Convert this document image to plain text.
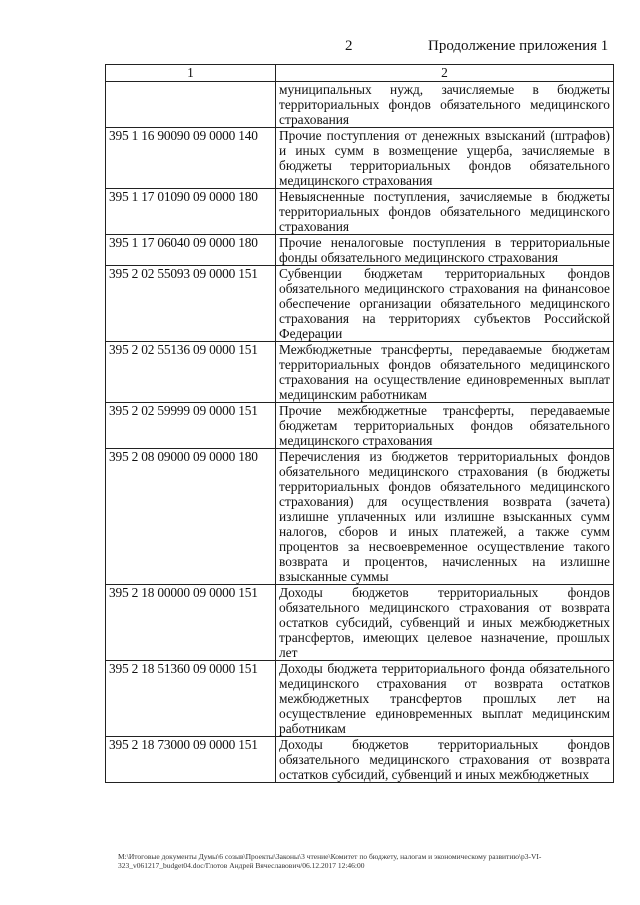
2	Продолжение приложения 1
1	2
	муниципальных нужд, зачисляемые в бюджеты территориальных фондов обязательного медицинского страхования
395 1 16 90090 09 0000 140	Прочие поступления от денежных взысканий (штрафов) и иных сумм в возмещение ущерба, зачисляемые в бюджеты территориальных фондов обязательного медицинского страхования
395 1 17 01090 09 0000 180	Невыясненные поступления, зачисляемые в бюджеты территориальных фондов обязательного медицинского страхования
395 1 17 06040 09 0000 180	Прочие неналоговые поступления в территориальные фонды обязательного медицинского страхования
395 2 02 55093 09 0000 151	Субвенции бюджетам территориальных фондов обязательного медицинского страхования на финансовое обеспечение организации обязательного медицинского страхования на территориях субъектов Российской Федерации
395 2 02 55136 09 0000 151	Межбюджетные трансферты, передаваемые бюджетам территориальных фондов обязательного медицинского страхования на осуществление единовременных выплат медицинским работникам
395 2 02 59999 09 0000 151	Прочие межбюджетные трансферты, передаваемые бюджетам территориальных фондов обязательного медицинского страхования
395 2 08 09000 09 0000 180	Перечисления из бюджетов территориальных фондов обязательного медицинского страхования (в бюджеты территориальных фондов обязательного медицинского страхования) для осуществления возврата (зачета) излишне уплаченных или излишне взысканных сумм налогов, сборов и иных платежей, а также сумм процентов за несвоевременное осуществление такого возврата и процентов, начисленных на излишне взысканные суммы
395 2 18 00000 09 0000 151	Доходы бюджетов территориальных фондов обязательного медицинского страхования от возврата остатков субсидий, субвенций и иных межбюджетных трансфертов, имеющих целевое назначение, прошлых лет
395 2 18 51360 09 0000 151	Доходы бюджета территориального фонда обязательного медицинского страхования от возврата остатков межбюджетных трансфертов прошлых лет на осуществление единовременных выплат медицинским работникам
395 2 18 73000 09 0000 151	Доходы бюджетов территориальных фондов обязательного медицинского страхования от возврата остатков субсидий, субвенций и иных межбюджетных
M:\Итоговые документы Думы\6 созыв\Проекты\Законы\3 чтение\Комитет по бюджету, налогам и экономическому развитию\р3-VI-
323_v061217_budget04.doc/Глотов Андрей Вячеславович/06.12.2017 12:46:00
